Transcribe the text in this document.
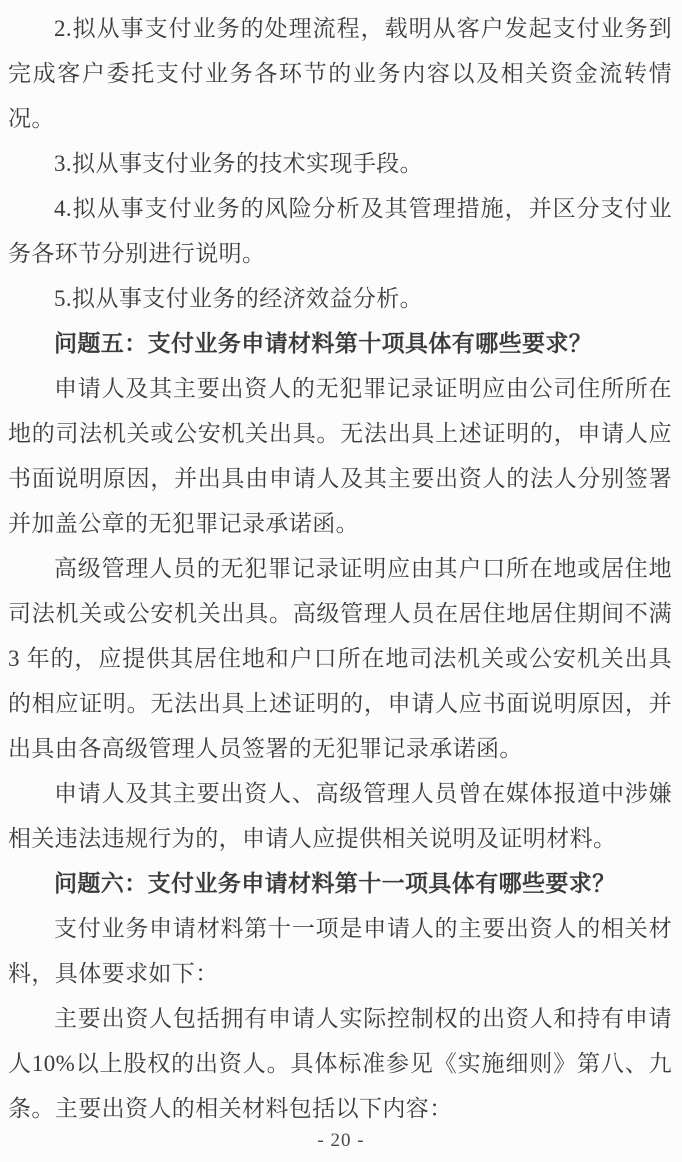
2.拟从事支付业务的处理流程，载明从客户发起支付业务到完成客户委托支付业务各环节的业务内容以及相关资金流转情况。

3.拟从事支付业务的技术实现手段。

4.拟从事支付业务的风险分析及其管理措施，并区分支付业务各环节分别进行说明。

5.拟从事支付业务的经济效益分析。

问题五：支付业务申请材料第十项具体有哪些要求？

申请人及其主要出资人的无犯罪记录证明应由公司住所所在地的司法机关或公安机关出具。无法出具上述证明的，申请人应书面说明原因，并出具由申请人及其主要出资人的法人分别签署并加盖公章的无犯罪记录承诺函。

高级管理人员的无犯罪记录证明应由其户口所在地或居住地司法机关或公安机关出具。高级管理人员在居住地居住期间不满 3 年的，应提供其居住地和户口所在地司法机关或公安机关出具的相应证明。无法出具上述证明的，申请人应书面说明原因，并出具由各高级管理人员签署的无犯罪记录承诺函。

申请人及其主要出资人、高级管理人员曾在媒体报道中涉嫌相关违法违规行为的，申请人应提供相关说明及证明材料。

问题六：支付业务申请材料第十一项具体有哪些要求？

支付业务申请材料第十一项是申请人的主要出资人的相关材料，具体要求如下：

主要出资人包括拥有申请人实际控制权的出资人和持有申请人10%以上股权的出资人。具体标准参见《实施细则》第八、九条。主要出资人的相关材料包括以下内容：

- 20 -
